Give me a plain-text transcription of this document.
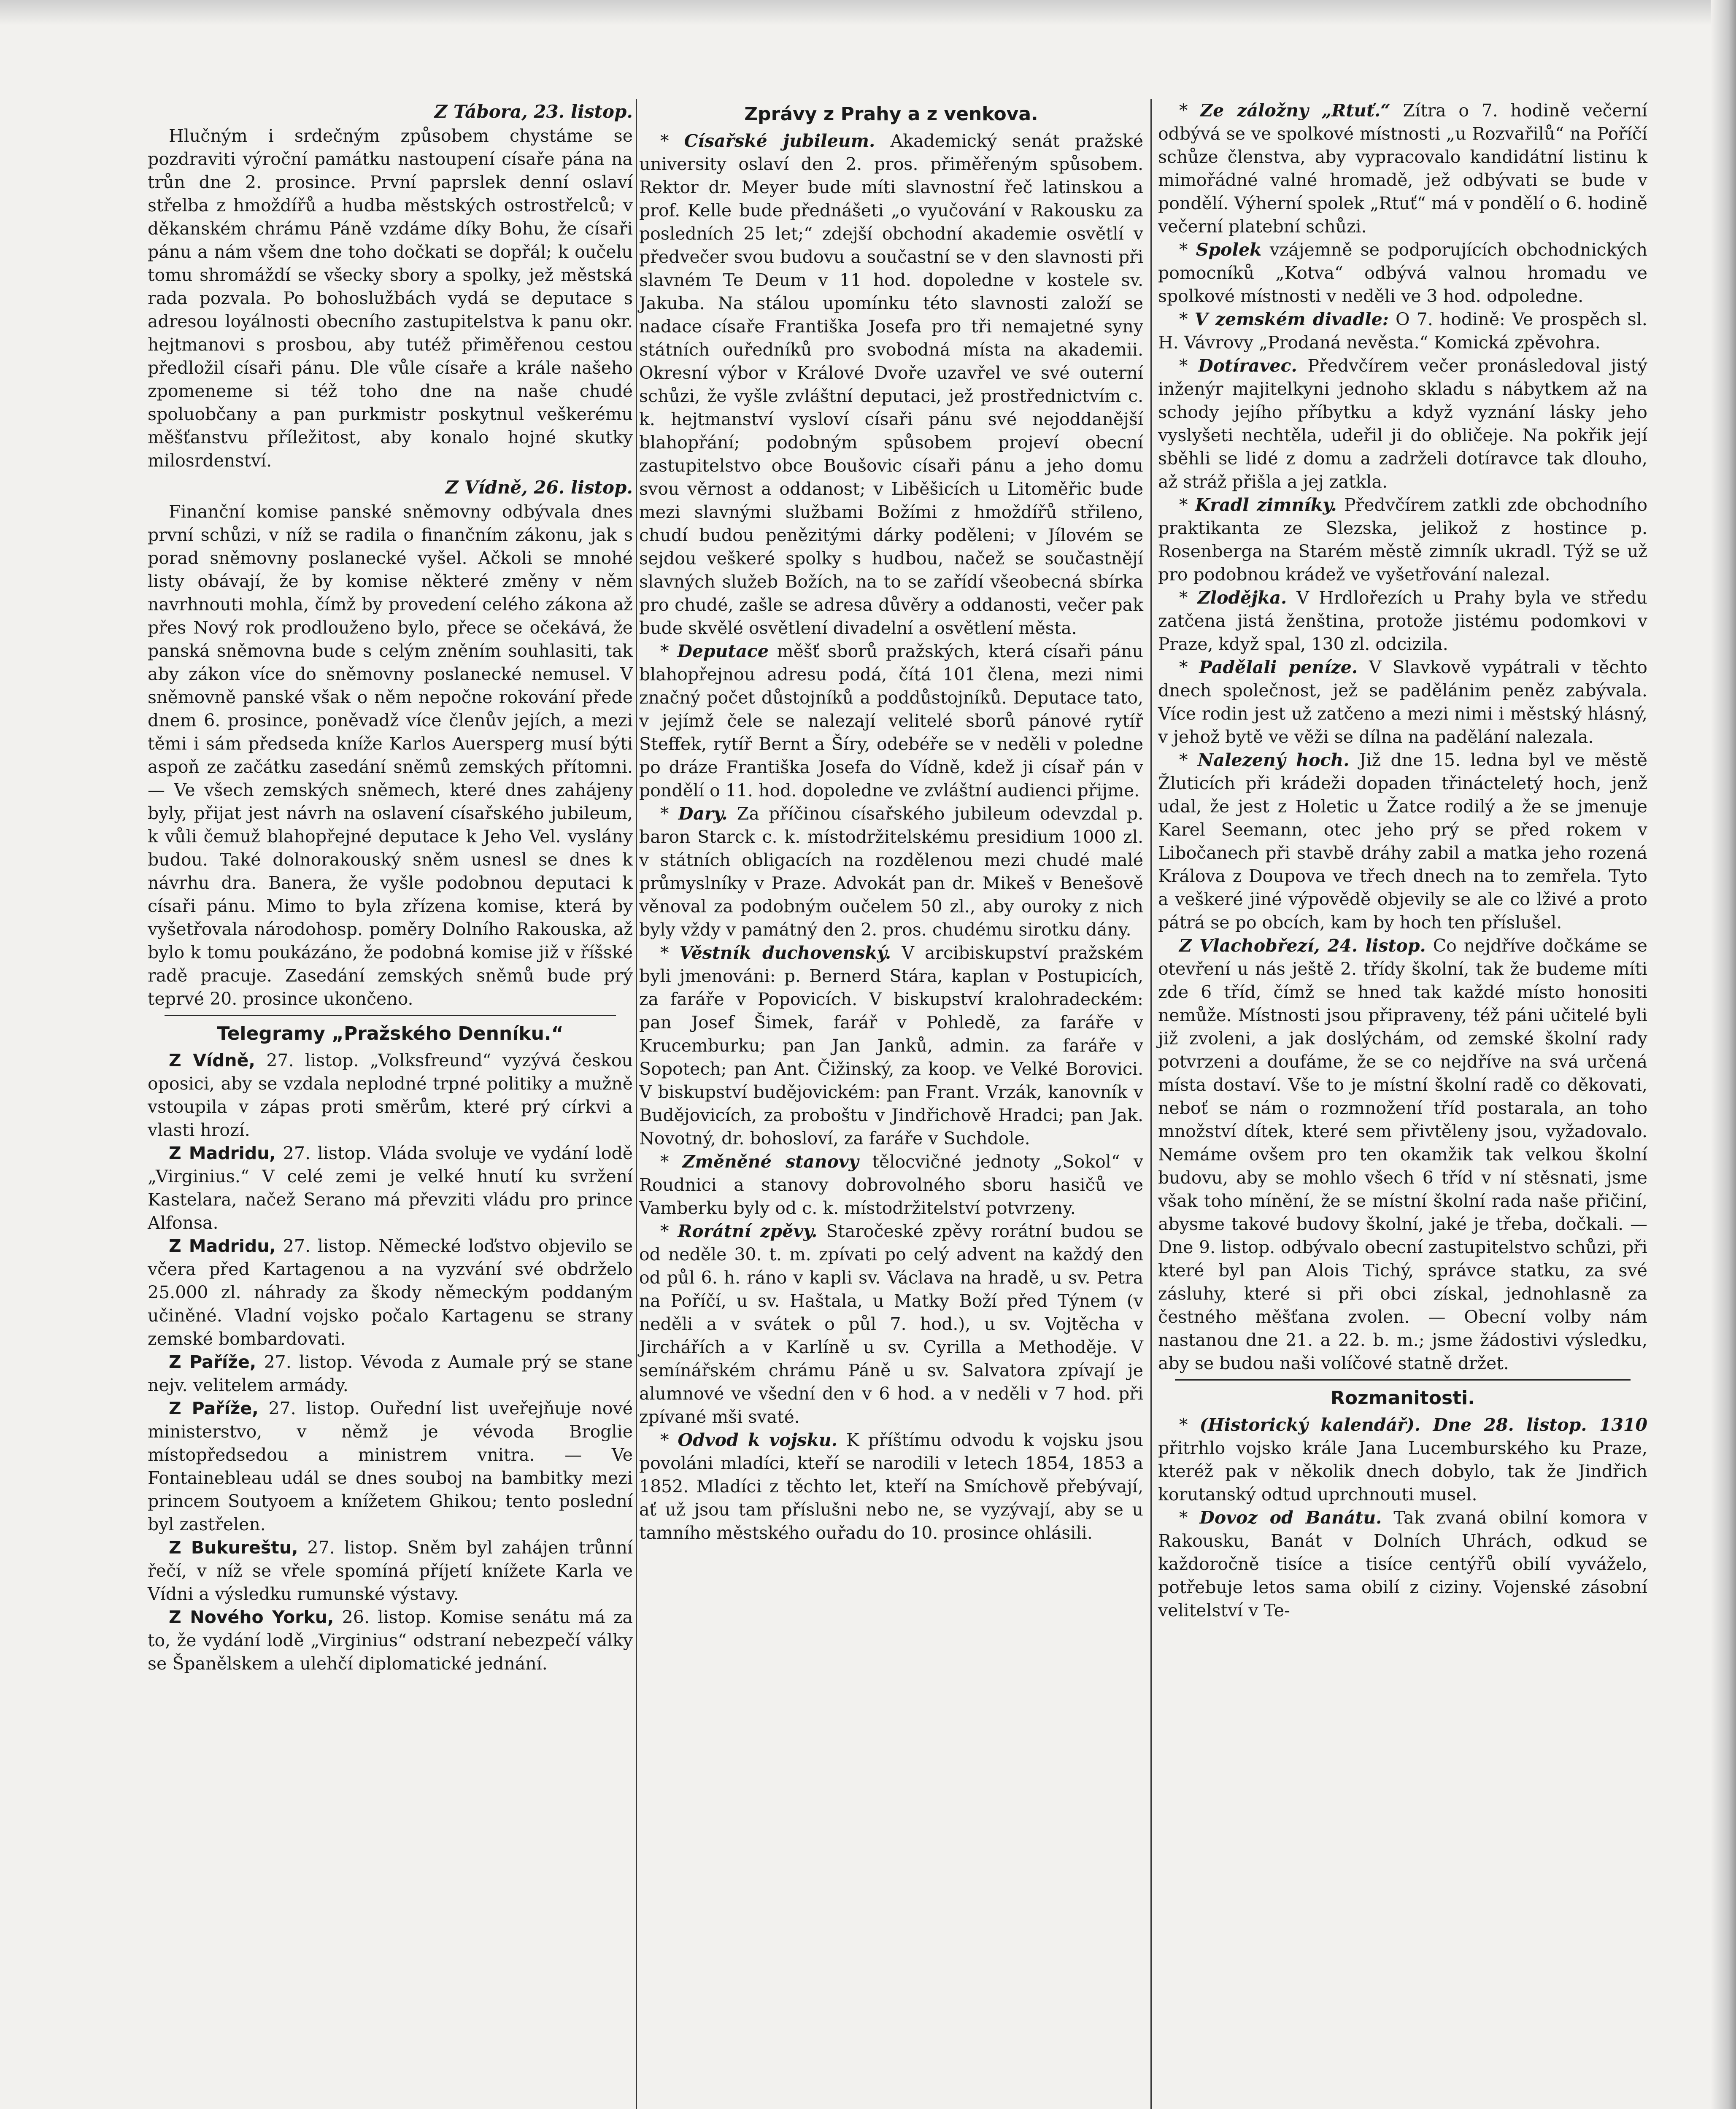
Z Tábora, 23. listop.

Hlučným i srdečným způsobem chystáme se pozdraviti výroční památku nastoupení císaře pána na trůn dne 2. prosince. První paprslek denní oslaví střelba z hmoždířů a hudba městských ostrostřelců; v děkanském chrámu Páně vzdáme díky Bohu, že císaři pánu a nám všem dne toho dočkati se dopřál; k oučelu tomu shromáždí se všecky sbory a spolky, jež městská rada pozvala. Po bohoslužbách vydá se deputace s adresou loyálnosti obecního zastupitelstva k panu okr. hejtmanovi s prosbou, aby tutéž přiměřenou cestou předložil císaři pánu. Dle vůle císaře a krále našeho zpomeneme si též toho dne na naše chudé spoluobčany a pan purkmistr poskytnul veškerému měšťanstvu příležitost, aby konalo hojné skutky milosrdenství.

Z Vídně, 26. listop.

Finanční komise panské sněmovny odbývala dnes první schůzi, v níž se radila o finančním zákonu, jak s porad sněmovny poslanecké vyšel. Ačkoli se mnohé listy obávají, že by komise některé změny v něm navrhnouti mohla, čímž by provedení celého zákona až přes Nový rok prodlouženo bylo, přece se očekává, že panská sněmovna bude s celým zněním souhlasiti, tak aby zákon více do sněmovny poslanecké nemusel. V sněmovně panské však o něm nepočne rokování přede dnem 6. prosince, poněvadž více členův jejích, a mezi těmi i sám předseda kníže Karlos Auersperg musí býti aspoň ze začátku zasedání sněmů zemských přítomni. — Ve všech zemských sněmech, které dnes zahájeny byly, přijat jest návrh na oslavení císařského jubileum, k vůli čemuž blahopřejné deputace k Jeho Vel. vyslány budou. Také dolnorakouský sněm usnesl se dnes k návrhu dra. Banera, že vyšle podobnou deputaci k císaři pánu. Mimo to byla zřízena komise, která by vyšetřovala národohosp. poměry Dolního Rakouska, až bylo k tomu poukázáno, že podobná komise již v říšské radě pracuje. Zasedání zemských sněmů bude prý teprvé 20. prosince ukončeno.

Telegramy „Pražského Denníku.“

Z Vídně, 27. listop. „Volksfreund“ vyzývá českou oposici, aby se vzdala neplodné trpné politiky a mužně vstoupila v zápas proti směrům, které prý církvi a vlasti hrozí.

Z Madridu, 27. listop. Vláda svoluje ve vydání lodě „Virginius.“ V celé zemi je velké hnutí ku svržení Kastelara, načež Serano má převziti vládu pro prince Alfonsa.

Z Madridu, 27. listop. Německé loďstvo objevilo se včera před Kartagenou a na vyzvání své obdrželo 25.000 zl. náhrady za škody německým poddaným učiněné. Vladní vojsko počalo Kartagenu se strany zemské bombardovati.

Z Paříže, 27. listop. Vévoda z Aumale prý se stane nejv. velitelem armády.

Z Paříže, 27. listop. Ouřední list uveřejňuje nové ministerstvo, v němž je vévoda Broglie místopředsedou a ministrem vnitra. — Ve Fontainebleau udál se dnes souboj na bambitky mezi princem Soutyoem a knížetem Ghikou; tento poslední byl zastřelen.

Z Bukureštu, 27. listop. Sněm byl zahájen trůnní řečí, v níž se vřele spomíná příjetí knížete Karla ve Vídni a výsledku rumunské výstavy.

Z Nového Yorku, 26. listop. Komise senátu má za to, že vydání lodě „Virginius“ odstraní nebezpečí války se Španělskem a ulehčí diplomatické jednání.

Zprávy z Prahy a z venkova.

* Císařské jubileum. Akademický senát pražské university oslaví den 2. pros. přiměřeným spůsobem. Rektor dr. Meyer bude míti slavnostní řeč latinskou a prof. Kelle bude přednášeti „o vyučování v Rakousku za posledních 25 let;“ zdejší obchodní akademie osvětlí v předvečer svou budovu a součastní se v den slavnosti při slavném Te Deum v 11 hod. dopoledne v kostele sv. Jakuba. Na stálou upomínku této slavnosti založí se nadace císaře Františka Josefa pro tři nemajetné syny státních ouředníků pro svobodná místa na akademii. Okresní výbor v Králové Dvoře uzavřel ve své outerní schůzi, že vyšle zvláštní deputaci, jež prostřednictvím c. k. hejtmanství vysloví císaři pánu své nejoddanější blahopřání; podobným spůsobem projeví obecní zastupitelstvo obce Boušovic císaři pánu a jeho domu svou věrnost a oddanost; v Liběšicích u Litoměřic bude mezi slavnými službami Božími z hmoždířů střileno, chudí budou penězitými dárky poděleni; v Jílovém se sejdou veškeré spolky s hudbou, načež se součastnějí slavných služeb Božích, na to se zařídí všeobecná sbírka pro chudé, zašle se adresa důvěry a oddanosti, večer pak bude skvělé osvětlení divadelní a osvětlení města.

* Deputace měšť sborů pražských, která císaři pánu blahopřejnou adresu podá, čítá 101 člena, mezi nimi značný počet důstojníků a poddůstojníků. Deputace tato, v jejímž čele se nalezají velitelé sborů pánové rytíř Steffek, rytíř Bernt a Šíry, odebéře se v neděli v poledne po dráze Františka Josefa do Vídně, kdež ji císař pán v pondělí o 11. hod. dopoledne ve zvláštní audienci přijme.

* Dary. Za příčinou císařského jubileum odevzdal p. baron Starck c. k. místodržitelskému presidium 1000 zl. v státních obligacích na rozdělenou mezi chudé malé průmyslníky v Praze. Advokát pan dr. Mikeš v Benešově věnoval za podobným oučelem 50 zl., aby ouroky z nich byly vždy v památný den 2. pros. chudému sirotku dány.

* Věstník duchovenský. V arcibiskupství pražském byli jmenováni: p. Bernerd Stára, kaplan v Postupicích, za faráře v Popovicích. V biskupství kralohradeckém: pan Josef Šimek, farář v Pohledě, za faráře v Krucemburku; pan Jan Janků, admin. za faráře v Sopotech; pan Ant. Čižinský, za koop. ve Velké Borovici. V biskupství budějovickém: pan Frant. Vrzák, kanovník v Budějovicích, za proboštu v Jindřichově Hradci; pan Jak. Novotný, dr. bohosloví, za faráře v Suchdole.

* Změněné stanovy tělocvičné jednoty „Sokol“ v Roudnici a stanovy dobrovolného sboru hasičů ve Vamberku byly od c. k. místodržitelství potvrzeny.

* Rorátní zpěvy. Staročeské zpěvy rorátní budou se od neděle 30. t. m. zpívati po celý advent na každý den od půl 6. h. ráno v kapli sv. Václava na hradě, u sv. Petra na Poříčí, u sv. Haštala, u Matky Boží před Týnem (v neděli a v svátek o půl 7. hod.), u sv. Vojtěcha v Jirchářích a v Karlíně u sv. Cyrilla a Methoděje. V semínářském chrámu Páně u sv. Salvatora zpívají je alumnové ve všední den v 6 hod. a v neděli v 7 hod. při zpívané mši svaté.

* Odvod k vojsku. K příštímu odvodu k vojsku jsou povoláni mladíci, kteří se narodili v letech 1854, 1853 a 1852. Mladíci z těchto let, kteří na Smíchově přebývají, ať už jsou tam příslušni nebo ne, se vyzývají, aby se u tamního městského ouřadu do 10. prosince ohlásili.

* Ze záložny „Rtuť.“ Zítra o 7. hodině večerní odbývá se ve spolkové místnosti „u Rozvařilů“ na Poříčí schůze členstva, aby vypracovalo kandidátní listinu k mimořádné valné hromadě, jež odbývati se bude v pondělí. Výherní spolek „Rtuť“ má v pondělí o 6. hodině večerní platební schůzi.

* Spolek vzájemně se podporujících obchodnických pomocníků „Kotva“ odbývá valnou hromadu ve spolkové místnosti v neděli ve 3 hod. odpoledne.

* V zemském divadle: O 7. hodině: Ve prospěch sl. H. Vávrovy „Prodaná nevěsta.“ Komická zpěvohra.

* Dotíravec. Předvčírem večer pronásledoval jistý inženýr majitelkyni jednoho skladu s nábytkem až na schody jejího příbytku a když vyznání lásky jeho vyslyšeti nechtěla, udeřil ji do obličeje. Na pokřik její sběhli se lidé z domu a zadrželi dotíravce tak dlouho, až stráž přišla a jej zatkla.

* Kradl zimníky. Předvčírem zatkli zde obchodního praktikanta ze Slezska, jelikož z hostince p. Rosenberga na Starém městě zimník ukradl. Týž se už pro podobnou krádež ve vyšetřování nalezal.

* Zlodějka. V Hrdlořezích u Prahy byla ve středu zatčena jistá ženština, protože jistému podomkovi v Praze, když spal, 130 zl. odcizila.

* Padělali peníze. V Slavkově vypátrali v těchto dnech společnost, jež se padělánim peněz zabývala. Více rodin jest už zatčeno a mezi nimi i městský hlásný, v jehož bytě ve věži se dílna na padělání nalezala.

* Nalezený hoch. Již dne 15. ledna byl ve městě Žluticích při krádeži dopaden třinácteletý hoch, jenž udal, že jest z Holetic u Žatce rodilý a že se jmenuje Karel Seemann, otec jeho prý se před rokem v Libočanech při stavbě dráhy zabil a matka jeho rozená Králova z Doupova ve třech dnech na to zemřela. Tyto a veškeré jiné výpovědě objevily se ale co lživé a proto pátrá se po obcích, kam by hoch ten příslušel.

Z Vlachobřezí, 24. listop. Co nejdříve dočkáme se otevření u nás ještě 2. třídy školní, tak že budeme míti zde 6 tříd, čímž se hned tak každé místo honositi nemůže. Místnosti jsou připraveny, též páni učitelé byli již zvoleni, a jak doslýchám, od zemské školní rady potvrzeni a doufáme, že se co nejdříve na svá určená místa dostaví. Vše to je místní školní radě co děkovati, neboť se nám o rozmnožení tříd postarala, an toho množství dítek, které sem přivtěleny jsou, vyžadovalo. Nemáme ovšem pro ten okamžik tak velkou školní budovu, aby se mohlo všech 6 tříd v ní stěsnati, jsme však toho mínění, že se místní školní rada naše přičiní, abysme takové budovy školní, jaké je třeba, dočkali. — Dne 9. listop. odbývalo obecní zastupitelstvo schůzi, při které byl pan Alois Tichý, správce statku, za své zásluhy, které si při obci získal, jednohlasně za čestného měšťana zvolen. — Obecní volby nám nastanou dne 21. a 22. b. m.; jsme žádostivi výsledku, aby se budou naši volíčové statně držet.

Rozmanitosti.

* (Historický kalendář). Dne 28. listop. 1310 přitrhlo vojsko krále Jana Lucemburského ku Praze, kteréž pak v několik dnech dobylo, tak že Jindřich korutanský odtud uprchnouti musel.

* Dovoz od Banátu. Tak zvaná obilní komora v Rakousku, Banát v Dolních Uhrách, odkud se každoročně tisíce a tisíce centýřů obilí vyváželo, potřebuje letos sama obilí z ciziny. Vojenské zásobní velitelství v Te-
